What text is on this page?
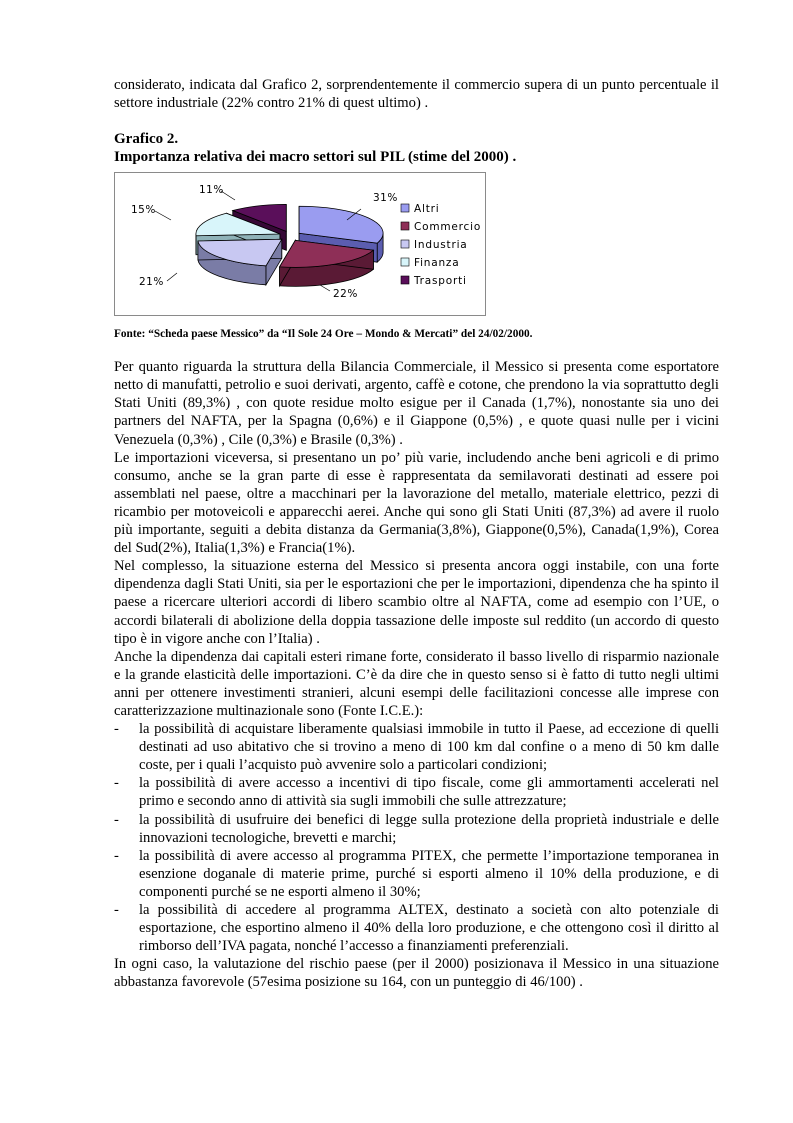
considerato, indicata dal Grafico 2, sorprendentemente il commercio supera di un punto percentuale il settore industriale (22% contro 21% di quest ultimo) .

Grafico 2.

Importanza relativa dei macro settori sul PIL (stime del 2000) .

31%
22%
21%
15%
11%
Altri
Commercio
Industria
Finanza
Trasporti

Fonte: “Scheda paese Messico” da “Il Sole 24 Ore – Mondo & Mercati” del 24/02/2000.

Per quanto riguarda la struttura della Bilancia Commerciale, il Messico si presenta come esportatore netto di manufatti, petrolio e suoi derivati, argento, caffè e cotone, che prendono la via soprattutto degli Stati Uniti (89,3%) , con quote residue molto esigue per il Canada (1,7%), nonostante sia uno dei partners del NAFTA, per la Spagna (0,6%) e il Giappone (0,5%) , e quote quasi nulle per i vicini Venezuela (0,3%) , Cile (0,3%) e Brasile (0,3%) .

Le importazioni viceversa, si presentano un po’ più varie, includendo anche beni agricoli e di primo consumo, anche se la gran parte di esse è rappresentata da semilavorati destinati ad essere poi assemblati nel paese, oltre a macchinari per la lavorazione del metallo, materiale elettrico, pezzi di ricambio per motoveicoli e apparecchi aerei. Anche qui sono gli Stati Uniti (87,3%) ad avere il ruolo più importante, seguiti a debita distanza da Germania(3,8%), Giappone(0,5%), Canada(1,9%), Corea del Sud(2%), Italia(1,3%) e Francia(1%).

Nel complesso, la situazione esterna del Messico si presenta ancora oggi instabile, con una forte dipendenza dagli Stati Uniti, sia per le esportazioni che per le importazioni, dipendenza che ha spinto il paese a ricercare ulteriori accordi di libero scambio oltre al NAFTA, come ad esempio con l’UE, o accordi bilaterali di abolizione della doppia tassazione delle imposte sul reddito (un accordo di questo tipo è in vigore anche con l’Italia) .

Anche la dipendenza dai capitali esteri rimane forte, considerato il basso livello di risparmio nazionale e la grande elasticità delle importazioni. C’è da dire che in questo senso si è fatto di tutto negli ultimi anni per ottenere investimenti stranieri, alcuni esempi delle facilitazioni concesse alle imprese con caratterizzazione multinazionale sono (Fonte I.C.E.):

- la possibilità di acquistare liberamente qualsiasi immobile in tutto il Paese, ad eccezione di quelli destinati ad uso abitativo che si trovino a meno di 100 km dal confine o a meno di 50 km dalle coste, per i quali l’acquisto può avvenire solo a particolari condizioni;
- la possibilità di avere accesso a incentivi di tipo fiscale, come gli ammortamenti accelerati nel primo e secondo anno di attività sia sugli immobili che sulle attrezzature;
- la possibilità di usufruire dei benefici di legge sulla protezione della proprietà industriale e delle innovazioni tecnologiche, brevetti e marchi;
- la possibilità di avere accesso al programma PITEX, che permette l’importazione temporanea in esenzione doganale di materie prime, purché si esporti almeno il 10% della produzione, e di componenti purché se ne esporti almeno il 30%;
- la possibilità di accedere al programma ALTEX, destinato a società con alto potenziale di esportazione, che esportino almeno il 40% della loro produzione, e che ottengono così il diritto al rimborso dell’IVA pagata, nonché l’accesso a finanziamenti preferenziali.

In ogni caso, la valutazione del rischio paese (per il 2000) posizionava il Messico in una situazione abbastanza favorevole (57esima posizione su 164, con un punteggio di 46/100) .
